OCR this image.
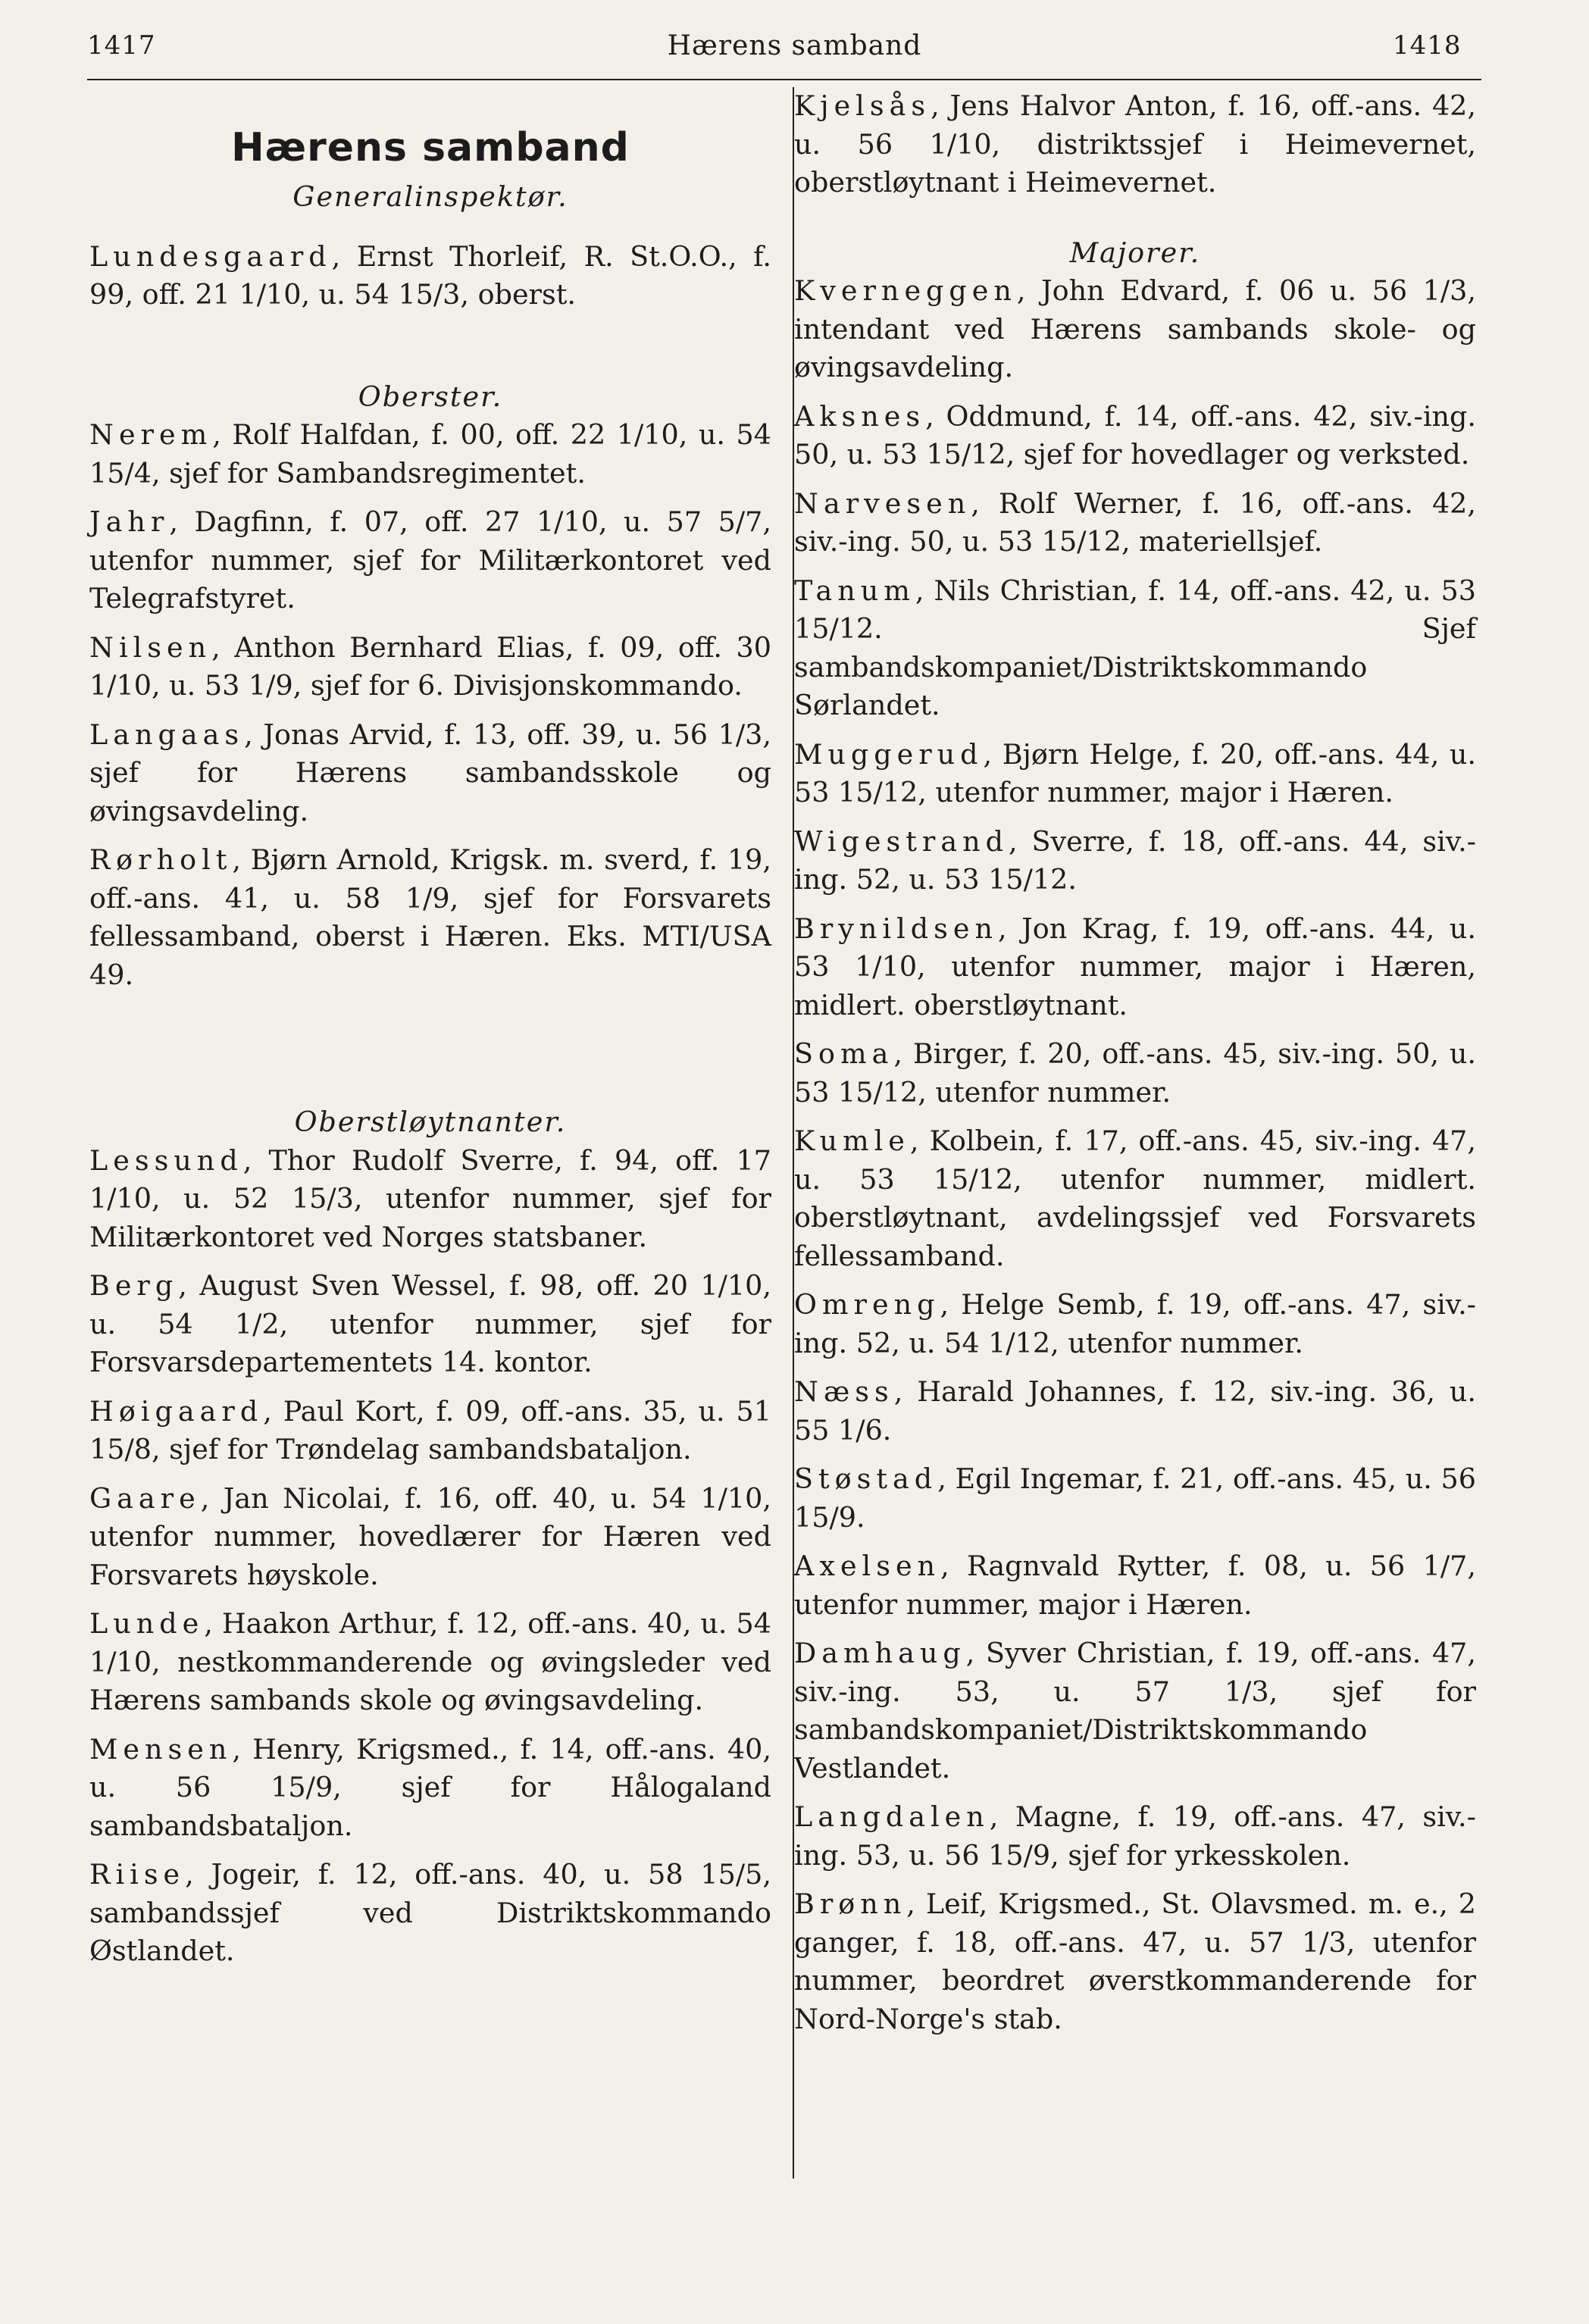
1417	Hærens samband	1418
Hærens samband
Generalinspektør.
Lundesgaard, Ernst Thorleif, R. St.O.O., f. 99, off. 21 1/10, u. 54 15/3, oberst.
Oberster.
Nerem, Rolf Halfdan, f. 00, off. 22 1/10, u. 54 15/4, sjef for Sambandsregimentet.
Jahr, Dagfinn, f. 07, off. 27 1/10, u. 57 5/7, utenfor nummer, sjef for Militærkontoret ved Telegrafstyret.
Nilsen, Anthon Bernhard Elias, f. 09, off. 30 1/10, u. 53 1/9, sjef for 6. Divisjonskommando.
Langaas, Jonas Arvid, f. 13, off. 39, u. 56 1/3, sjef for Hærens sambandsskole og øvingsavdeling.
Rørholt, Bjørn Arnold, Krigsk. m. sverd, f. 19, off.-ans. 41, u. 58 1/9, sjef for Forsvarets fellessamband, oberst i Hæren. Eks. MTI/USA 49.
Oberstløytnanter.
Lessund, Thor Rudolf Sverre, f. 94, off. 17 1/10, u. 52 15/3, utenfor nummer, sjef for Militærkontoret ved Norges statsbaner.
Berg, August Sven Wessel, f. 98, off. 20 1/10, u. 54 1/2, utenfor nummer, sjef for Forsvarsdepartementets 14. kontor.
Høigaard, Paul Kort, f. 09, off.-ans. 35, u. 51 15/8, sjef for Trøndelag sambandsbataljon.
Gaare, Jan Nicolai, f. 16, off. 40, u. 54 1/10, utenfor nummer, hovedlærer for Hæren ved Forsvarets høyskole.
Lunde, Haakon Arthur, f. 12, off.-ans. 40, u. 54 1/10, nestkommanderende og øvingsleder ved Hærens sambands skole og øvingsavdeling.
Mensen, Henry, Krigsmed., f. 14, off.-ans. 40, u. 56 15/9, sjef for Hålogaland sambandsbataljon.
Riise, Jogeir, f. 12, off.-ans. 40, u. 58 15/5, sambandssjef ved Distriktskommando Østlandet.
Kjelsås, Jens Halvor Anton, f. 16, off.-ans. 42, u. 56 1/10, distriktssjef i Heimevernet, oberstløytnant i Heimevernet.
Majorer.
Kverneggen, John Edvard, f. 06 u. 56 1/3, intendant ved Hærens sambands skole- og øvingsavdeling.
Aksnes, Oddmund, f. 14, off.-ans. 42, siv.-ing. 50, u. 53 15/12, sjef for hovedlager og verksted.
Narvesen, Rolf Werner, f. 16, off.-ans. 42, siv.-ing. 50, u. 53 15/12, materiellsjef.
Tanum, Nils Christian, f. 14, off.-ans. 42, u. 53 15/12. Sjef sambandskompaniet/Distriktskommando Sørlandet.
Muggerud, Bjørn Helge, f. 20, off.-ans. 44, u. 53 15/12, utenfor nummer, major i Hæren.
Wigestrand, Sverre, f. 18, off.-ans. 44, siv.-ing. 52, u. 53 15/12.
Brynildsen, Jon Krag, f. 19, off.-ans. 44, u. 53 1/10, utenfor nummer, major i Hæren, midlert. oberstløytnant.
Soma, Birger, f. 20, off.-ans. 45, siv.-ing. 50, u. 53 15/12, utenfor nummer.
Kumle, Kolbein, f. 17, off.-ans. 45, siv.-ing. 47, u. 53 15/12, utenfor nummer, midlert. oberstløytnant, avdelingssjef ved Forsvarets fellessamband.
Omreng, Helge Semb, f. 19, off.-ans. 47, siv.-ing. 52, u. 54 1/12, utenfor nummer.
Næss, Harald Johannes, f. 12, siv.-ing. 36, u. 55 1/6.
Støstad, Egil Ingemar, f. 21, off.-ans. 45, u. 56 15/9.
Axelsen, Ragnvald Rytter, f. 08, u. 56 1/7, utenfor nummer, major i Hæren.
Damhaug, Syver Christian, f. 19, off.-ans. 47, siv.-ing. 53, u. 57 1/3, sjef for sambandskompaniet/Distriktskommando Vestlandet.
Langdalen, Magne, f. 19, off.-ans. 47, siv.-ing. 53, u. 56 15/9, sjef for yrkesskolen.
Brønn, Leif, Krigsmed., St. Olavsmed. m. e., 2 ganger, f. 18, off.-ans. 47, u. 57 1/3, utenfor nummer, beordret øverstkommanderende for Nord-Norge's stab.
